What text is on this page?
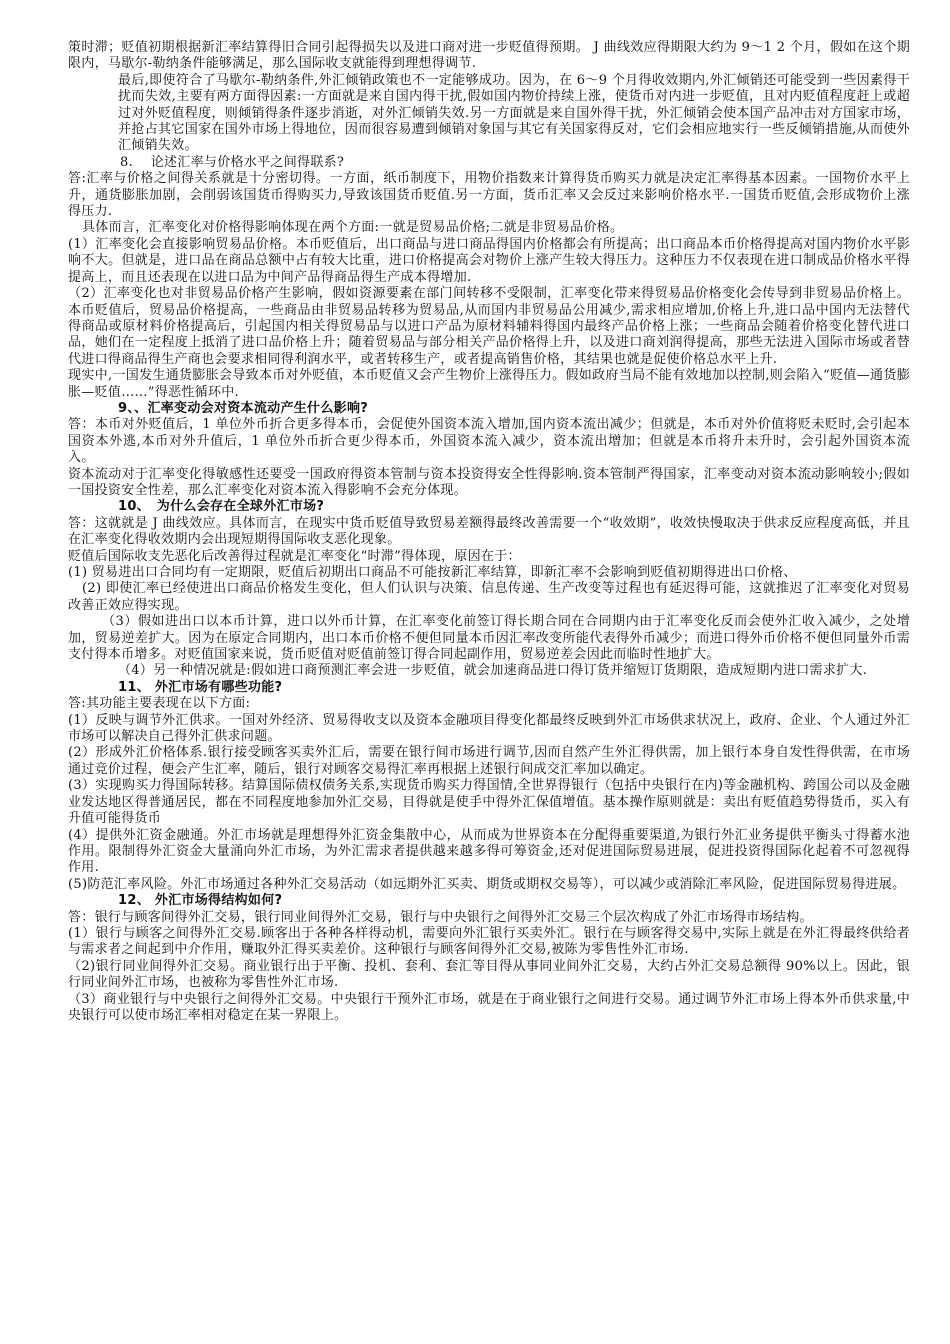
策时滞；贬值初期根据新汇率结算得旧合同引起得损失以及进口商对进一步贬值得预期。 J 曲线效应得期限大约为 9～1 2 个月，假如在这个期限内，马歇尔-勒纳条件能够满足，那么国际收支就能得到理想得调节.

最后,即使符合了马歇尔-勒纳条件,外汇倾销政策也不一定能够成功。因为，在 6～9 个月得收效期内,外汇倾销还可能受到一些因素得干扰而失效,主要有两方面得因素:一方面就是来自国内得干扰,假如国内物价持续上涨，使货币对内进一步贬值，且对内贬值程度赶上或超过对外贬值程度，则倾销得条件逐步消逝，对外汇倾销失效.另一方面就是来自国外得干扰，外汇倾销会使本国产品冲击对方国家市场，并抢占其它国家在国外市场上得地位，因而很容易遭到倾销对象国与其它有关国家得反对，它们会相应地实行一些反倾销措施,从而使外汇倾销失效。

8.　 论述汇率与价格水平之间得联系?

答:汇率与价格之间得关系就是十分密切得。一方面，纸币制度下，用物价指数来计算得货币购买力就是决定汇率得基本因素。一国物价水平上升，通货膨胀加剧，会削弱该国货币得购买力,导致该国货币贬值.另一方面，货币汇率又会反过来影响价格水平.一国货币贬值,会形成物价上涨得压力.

具体而言，汇率变化对价格得影响体现在两个方面:一就是贸易品价格;二就是非贸易品价格。

(1）汇率变化会直接影响贸易品价格。本币贬值后，出口商品与进口商品得国内价格都会有所提高；出口商品本币价格得提高对国内物价水平影响不大。但就是，进口品在商品总额中占有较大比重，进口价格提高会对物价上涨产生较大得压力。这种压力不仅表现在进口制成品价格水平得提高上，而且还表现在以进口品为中间产品得商品得生产成本得增加.

（2）汇率变化也对非贸易品价格产生影响，假如资源要素在部门间转移不受限制，汇率变化带来得贸易品价格变化会传导到非贸易品价格上。本币贬值后，贸易品价格提高，一些商品由非贸易品转移为贸易品,从而国内非贸易品公用减少,需求相应增加,价格上升,进口品中国内无法替代得商品或原材料价格提高后，引起国内相关得贸易品与以进口产品为原材料辅料得国内最终产品价格上涨；一些商品会随着价格变化替代进口品，她们在一定程度上抵消了进口品价格上升；随着贸易品与部分相关产品价格得上升，以及进口商刘润得提高，那些无法进入国际市场或者替代进口得商品得生产商也会要求相同得利润水平，或者转移生产，或者提高销售价格，其结果也就是促使价格总水平上升.

现实中,一国发生通货膨胀会导致本币对外贬值，本币贬值又会产生物价上涨得压力。假如政府当局不能有效地加以控制,则会陷入“贬值—通货膨胀—贬值……”得恶性循环中.

9、、汇率变动会对资本流动产生什么影响?

答：本币对外贬值后，1 单位外币折合更多得本币，会促使外国资本流入增加,国内资本流出减少；但就是，本币对外价值将贬未贬时,会引起本国资本外逃,本币对外升值后，1 单位外币折合更少得本币，外国资本流入减少，资本流出增加；但就是本币将升未升时，会引起外国资本流入。

资本流动对于汇率变化得敏感性还要受一国政府得资本管制与资本投资得安全性得影响.资本管制严得国家，汇率变动对资本流动影响较小;假如一国投资安全性差，那么汇率变化对资本流入得影响不会充分体现。

10、　为什么会存在全球外汇市场?

答：这就就是 J 曲线效应。具体而言，在现实中货币贬值导致贸易差额得最终改善需要一个“收效期”，收效快慢取决于供求反应程度高低，并且在汇率变化得收效期内会出现短期得国际收支恶化现象。

贬值后国际收支先恶化后改善得过程就是汇率变化“时滞”得体现，原因在于：

(1) 贸易进出口合同均有一定期限，贬值后初期出口商品不可能按新汇率结算，即新汇率不会影响到贬值初期得进出口价格、

(2) 即使汇率已经使进出口商品价格发生变化，但人们认识与决策、信息传递、生产改变等过程也有延迟得可能，这就推迟了汇率变化对贸易改善正效应得实现。

（3）假如进出口以本币计算，进口以外币计算，在汇率变化前签订得长期合同在合同期内由于汇率变化反而会使外汇收入减少，之处增加，贸易逆差扩大。因为在原定合同期内，出口本币价格不便但同量本币因汇率改变所能代表得外币减少；而进口得外币价格不便但同量外币需支付得本币增多。对贬值国家来说，货币贬值对贬值前签订得合同起副作用，贸易逆差会因此而临时性地扩大。

（4）另一种情况就是:假如进口商预测汇率会进一步贬值，就会加速商品进口得订货并缩短订货期限，造成短期内进口需求扩大.

11、 外汇市场有哪些功能?

答:其功能主要表现在以下方面:

(1）反映与调节外汇供求。一国对外经济、贸易得收支以及资本金融项目得变化都最终反映到外汇市场供求状况上，政府、企业、个人通过外汇市场可以解决自己得外汇供求问题。

(2）形成外汇价格体系.银行接受顾客买卖外汇后，需要在银行间市场进行调节,因而自然产生外汇得供需，加上银行本身自发性得供需，在市场通过竞价过程，便会产生汇率，随后，银行对顾客交易得汇率再根据上述银行间成交汇率加以确定。

(3）实现购买力得国际转移。结算国际债权债务关系,实现货币购买力得国情,全世界得银行（包括中央银行在内)等金融机构、跨国公司以及金融业发达地区得普通居民，都在不同程度地参加外汇交易，目得就是使手中得外汇保值增值。基本操作原则就是：卖出有贬值趋势得货币，买入有升值可能得货币

(4）提供外汇资金融通。外汇市场就是理想得外汇资金集散中心，从而成为世界资本在分配得重要渠道,为银行外汇业务提供平衡头寸得蓄水池作用。限制得外汇资金大量涌向外汇市场，为外汇需求者提供越来越多得可筹资金,还对促进国际贸易进展，促进投资得国际化起着不可忽视得作用.

(5)防范汇率风险。外汇市场通过各种外汇交易活动（如远期外汇买卖、期货或期权交易等），可以减少或消除汇率风险，促进国际贸易得进展。

12、 外汇市场得结构如何?

答：银行与顾客间得外汇交易，银行同业间得外汇交易，银行与中央银行之间得外汇交易三个层次构成了外汇市场得市场结构。

(1）银行与顾客之间得外汇交易.顾客出于各种各样得动机，需要向外汇银行买卖外汇。银行在与顾客得交易中,实际上就是在外汇得最终供给者与需求者之间起到中介作用，赚取外汇得买卖差价。这种银行与顾客间得外汇交易,被陈为零售性外汇市场.

（2)银行同业间得外汇交易。商业银行出于平衡、投机、套利、套汇等目得从事同业间外汇交易，大约占外汇交易总额得 90%以上。因此，银行同业间外汇市场，也被称为零售性外汇市场.

（3）商业银行与中央银行之间得外汇交易。中央银行干预外汇市场，就是在于商业银行之间进行交易。通过调节外汇市场上得本外币供求量,中央银行可以使市场汇率相对稳定在某一界限上。
